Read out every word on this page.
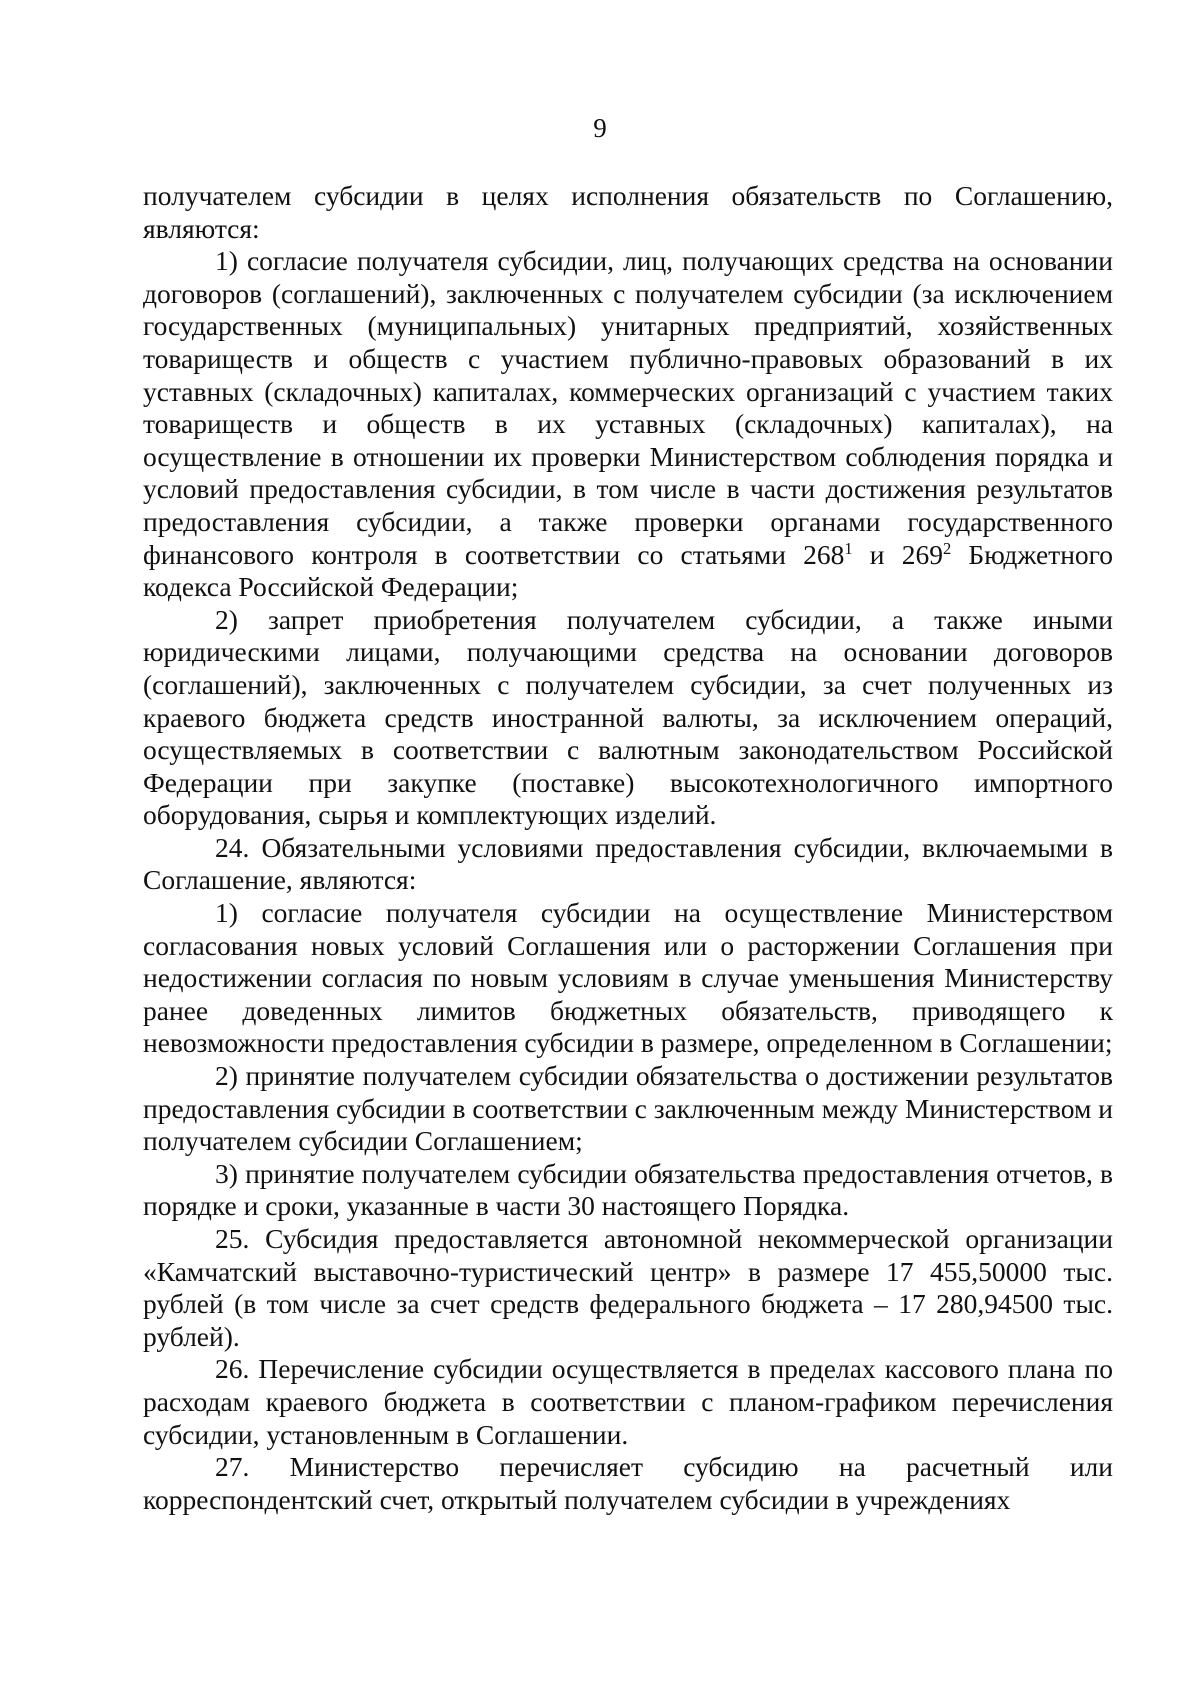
9

получателем субсидии в целях исполнения обязательств по Соглашению, являются:

1) согласие получателя субсидии, лиц, получающих средства на основании договоров (соглашений), заключенных с получателем субсидии (за исключением государственных (муниципальных) унитарных предприятий, хозяйственных товариществ и обществ с участием публично-правовых образований в их уставных (складочных) капиталах, коммерческих организаций с участием таких товариществ и обществ в их уставных (складочных) капиталах), на осуществление в отношении их проверки Министерством соблюдения порядка и условий предоставления субсидии, в том числе в части достижения результатов предоставления субсидии, а также проверки органами государственного финансового контроля в соответствии со статьями $268^1$ и $269^2$ Бюджетного кодекса Российской Федерации;

2) запрет приобретения получателем субсидии, а также иными юридическими лицами, получающими средства на основании договоров (соглашений), заключенных с получателем субсидии, за счет полученных из краевого бюджета средств иностранной валюты, за исключением операций, осуществляемых в соответствии с валютным законодательством Российской Федерации при закупке (поставке) высокотехнологичного импортного оборудования, сырья и комплектующих изделий.

24. Обязательными условиями предоставления субсидии, включаемыми в Соглашение, являются:

1) согласие получателя субсидии на осуществление Министерством согласования новых условий Соглашения или о расторжении Соглашения при недостижении согласия по новым условиям в случае уменьшения Министерству ранее доведенных лимитов бюджетных обязательств, приводящего к невозможности предоставления субсидии в размере, определенном в Соглашении;

2) принятие получателем субсидии обязательства о достижении результатов предоставления субсидии в соответствии с заключенным между Министерством и получателем субсидии Соглашением;

3) принятие получателем субсидии обязательства предоставления отчетов, в порядке и сроки, указанные в части 30 настоящего Порядка.

25. Субсидия предоставляется автономной некоммерческой организации «Камчатский выставочно-туристический центр» в размере 17 455,50000 тыс. рублей (в том числе за счет средств федерального бюджета – 17 280,94500 тыс. рублей).

26. Перечисление субсидии осуществляется в пределах кассового плана по расходам краевого бюджета в соответствии с планом-графиком перечисления субсидии, установленным в Соглашении.

27. Министерство перечисляет субсидию на расчетный или корреспондентский счет, открытый получателем субсидии в учреждениях
